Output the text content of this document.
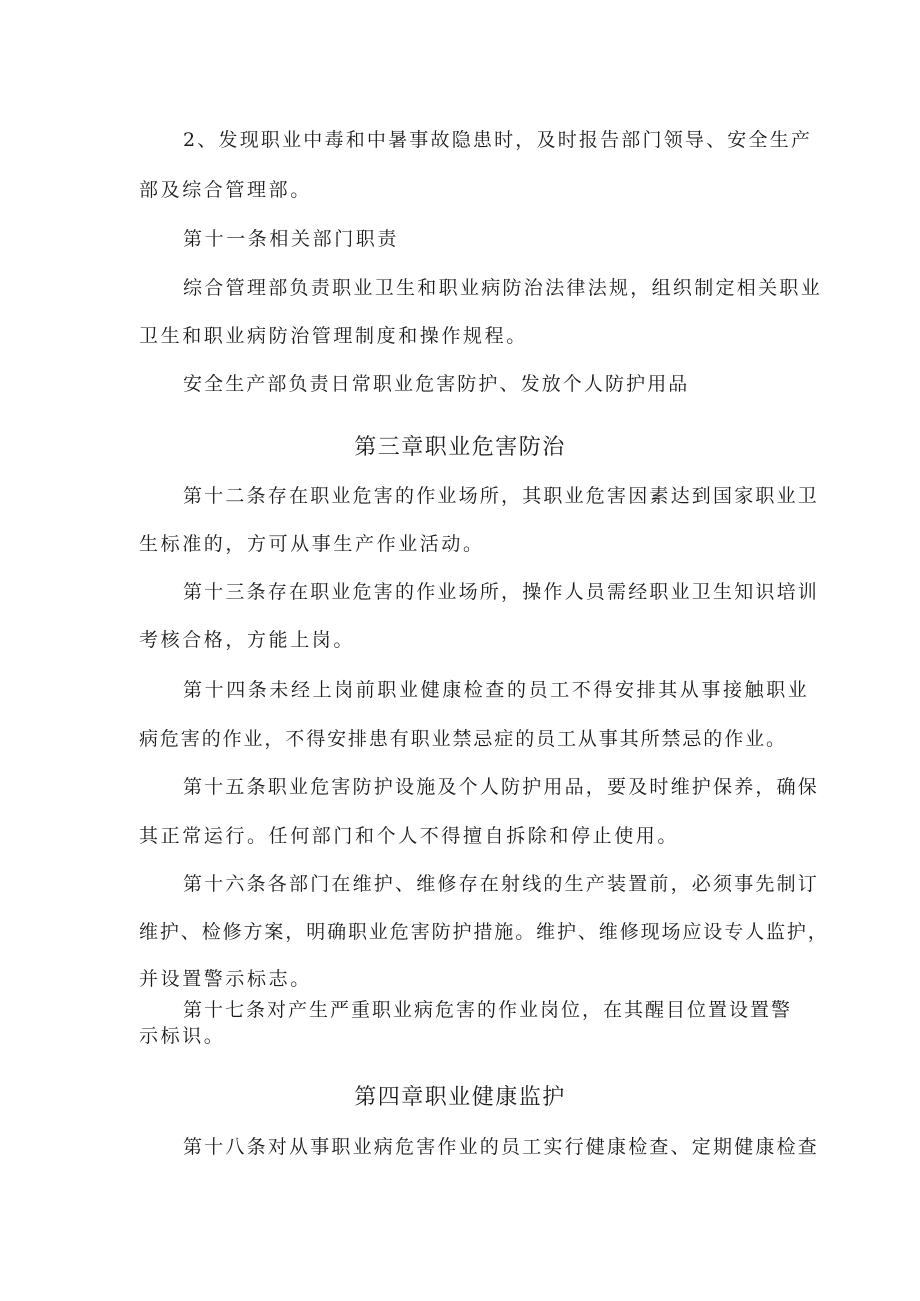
2、发现职业中毒和中暑事故隐患时，及时报告部门领导、安全生产

部及综合管理部。

第十一条相关部门职责

综合管理部负责职业卫生和职业病防治法律法规，组织制定相关职业

卫生和职业病防治管理制度和操作规程。

安全生产部负责日常职业危害防护、发放个人防护用品

第三章职业危害防治

第十二条存在职业危害的作业场所，其职业危害因素达到国家职业卫

生标准的，方可从事生产作业活动。

第十三条存在职业危害的作业场所，操作人员需经职业卫生知识培训

考核合格，方能上岗。

第十四条未经上岗前职业健康检查的员工不得安排其从事接触职业

病危害的作业，不得安排患有职业禁忌症的员工从事其所禁忌的作业。

第十五条职业危害防护设施及个人防护用品，要及时维护保养，确保

其正常运行。任何部门和个人不得擅自拆除和停止使用。

第十六条各部门在维护、维修存在射线的生产装置前，必须事先制订

维护、检修方案，明确职业危害防护措施。维护、维修现场应设专人监护，

并设置警示标志。

第十七条对产生严重职业病危害的作业岗位，在其醒目位置设置警

示标识。

第四章职业健康监护

第十八条对从事职业病危害作业的员工实行健康检查、定期健康检查
